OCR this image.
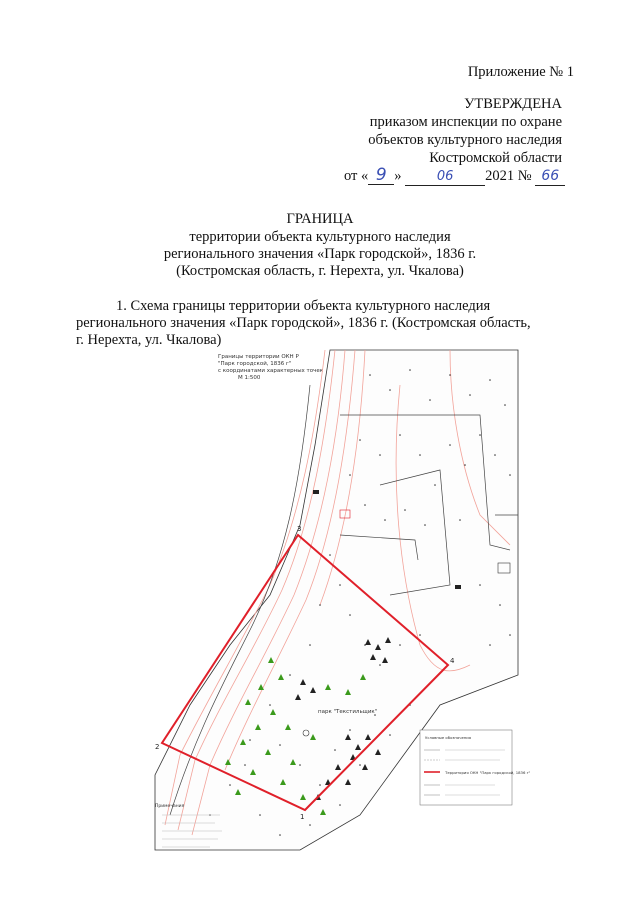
Приложение № 1
УТВЕРЖДЕНА
приказом инспекции по охране
объектов культурного наследия
Костромской области
от « 9 »	06 2021 № 66
ГРАНИЦА
территории объекта культурного наследия
регионального значения «Парк городской», 1836 г.
(Костромская область, г. Нерехта, ул. Чкалова)
1. Схема границы территории объекта культурного наследия
регионального значения «Парк городской», 1836 г. (Костромская область,
г. Нерехта, ул. Чкалова)
Границы территории ОКН Р
"Парк городской, 1836 г"
с координатами характерных точек
М 1:500
парк "Текстильщик"
3
4
1
2
Условные обозначения
Территория ОКН "Парк городской, 1836 г"
Примечания
